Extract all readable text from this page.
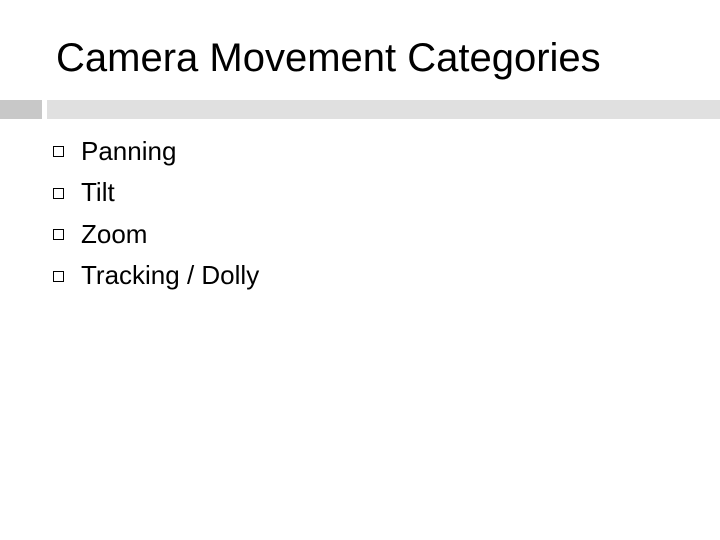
Camera Movement Categories
Panning
Tilt
Zoom
Tracking / Dolly
